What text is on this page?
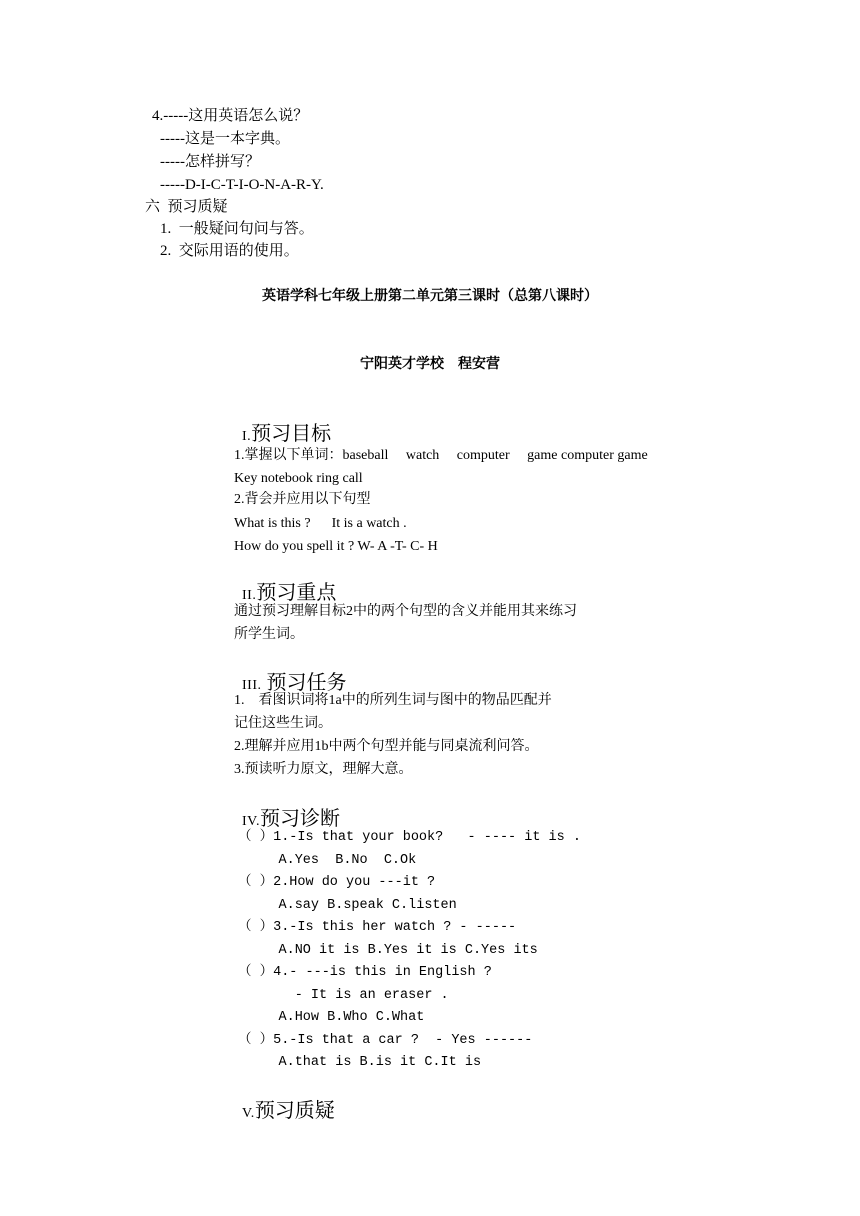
4.-----这用英语怎么说？
-----这是一本字典。
-----怎样拼写？
-----D-I-C-T-I-O-N-A-R-Y.
六  预习质疑
1.  一般疑问句问与答。
2.  交际用语的使用。
英语学科七年级上册第二单元第三课时（总第八课时）
宁阳英才学校    程安营

I.预习目标

1.掌握以下单词：baseball     watch     computer     game computer game
Key notebook ring call
2.背会并应用以下句型
What is this ?      It is a watch .
How do you spell it ? W- A -T- C- H

II.预习重点

通过预习理解目标2中的两个句型的含义并能用其来练习
所学生词。

III. 预习任务

1.    看图识词将1a中的所列生词与图中的物品匹配并
记住这些生词。
2.理解并应用1b中两个句型并能与同桌流利问答。
3.预读听力原文，理解大意。

IV.预习诊断

（ ）1.-Is that your book?   - ---- it is .
A.Yes  B.No  C.Ok
（ ）2.How do you ---it ?
A.say B.speak C.listen
（ ）3.-Is this her watch ? - -----
A.NO it is B.Yes it is C.Yes its
（ ）4.- ---is this in English ?
- It is an eraser .
A.How B.Who C.What
（ ）5.-Is that a car ?  - Yes ------
A.that is B.is it C.It is

V.预习质疑
